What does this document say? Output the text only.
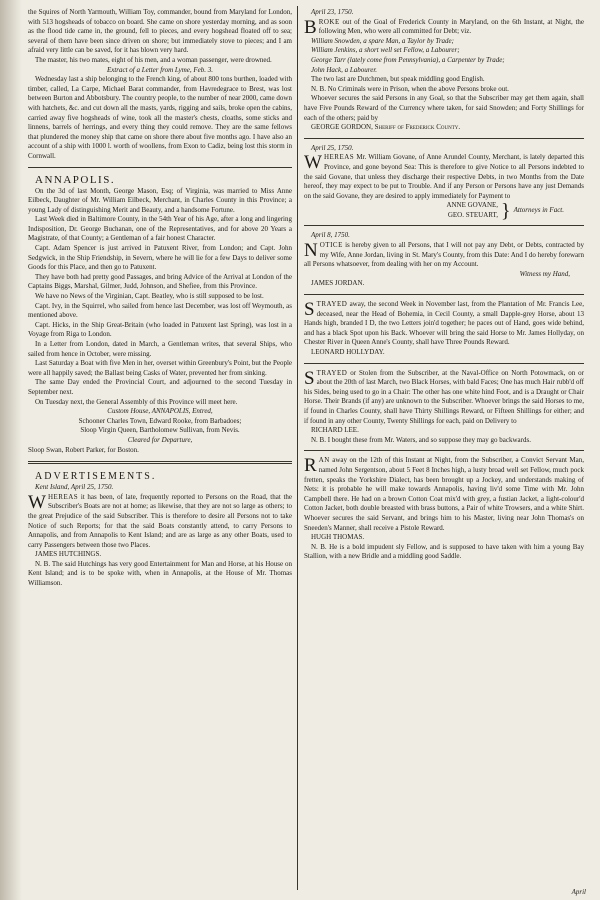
the Squires of North Yarmouth, William Toy, commander, bound from Maryland for London, with 513 hogsheads of tobacco on board. She came on shore yesterday morning, and as soon as the flood tide came in, the ground, fell to pieces, and every hogshead floated off to sea; several of them have been since driven on shore; but immediately stove to pieces; and I am afraid very little can be saved, for it has blown very hard.

The master, his two mates, eight of his men, and a woman passenger, were drowned.

Extract of a Letter from Lyme, Feb. 3.

Wednesday last a ship belonging to the French king, of about 800 tons burthen, loaded with timber, called, La Carpe, Michael Barat commander, from Havredegrace to Brest, was lost between Burton and Abbotsbury. The country people, to the number of near 2000, came down with hatchets, &c. and cut down all the masts, yards, rigging and sails, broke open the cabins, carried away five hogsheads of wine, took all the master's chests, cloaths, some sticks and linnens, barrels of herrings, and every thing they could remove. They are the same fellows that plundered the money ship that came on shore there about five months ago. I have also an account of a ship with 1000 l. worth of woollens, from Exon to Cadiz, being lost this storm in Cornwall.

ANNAPOLIS.

On the 3d of last Month, George Mason, Esq; of Virginia, was married to Miss Anne Eilbeck, Daughter of Mr. William Eilbeck, Merchant, in Charles County in this Province; a young Lady of distinguishing Merit and Beauty, and a handsome Fortune.

Last Week died in Baltimore County, in the 54th Year of his Age, after a long and lingering Indisposition, Dr. George Buchanan, one of the Representatives, and for above 20 Years a Magistrate, of that County; a Gentleman of a fair honest Character.

Capt. Adam Spencer is just arrived in Patuxent River, from London; and Capt. John Sedgwick, in the Ship Friendship, in Severn, where he will lie for a few Days to deliver some Goods for this Place, and then go to Patuxent.

They have both had pretty good Passages, and bring Advice of the Arrival at London of the Captains Biggs, Marshal, Gilmer, Judd, Johnson, and Shefiee, from this Province.

We have no News of the Virginian, Capt. Beatley, who is still supposed to be lost.

Capt. Ivy, in the Squirrel, who sailed from hence last December, was lost off Weymouth, as mentioned above.

Capt. Hicks, in the Ship Great-Britain (who loaded in Patuxent last Spring), was lost in a Voyage from Riga to London.

In a Letter from London, dated in March, a Gentleman writes, that several Ships, who sailed from hence in October, were missing.

Last Saturday a Boat with five Men in her, overset within Greenbury's Point, but the People were all happily saved; the Ballast being Casks of Water, prevented her from sinking.

The same Day ended the Provincial Court, and adjourned to the second Tuesday in September next.

On Tuesday next, the General Assembly of this Province will meet here.

Custom House, ANNAPOLIS, Entred,

Schooner Charles Town, Edward Rooke, from Barbadoes;

Sloop Virgin Queen, Bartholomew Sullivan, from Nevis.

Cleared for Departure,

Sloop Swan, Robert Parker, for Boston.

ADVERTISEMENTS.

Kent Island, April 25, 1750.

WHEREAS it has been, of late, frequently reported to Persons on the Road, that the Subscriber's Boats are not at home; as likewise, that they are not so large as others; to the great Prejudice of the said Subscriber. This is therefore to desire all Persons not to take Notice of such Reports; for that the said Boats constantly attend, to carry Persons to Annapolis, and from Annapolis to Kent Island; and are as large as any other Boats, used to carry Passengers between those two Places.

JAMES HUTCHINGS.

N. B. The said Hutchings has very good Entertainment for Man and Horse, at his House on Kent Island; and is to be spoke with, when in Annapolis, at the House of Mr. Thomas Williamson.

April 23, 1750.

BROKE out of the Goal of Frederick County in Maryland, on the 6th Instant, at Night, the following Men, who were all committed for Debt; viz.

William Snowden, a spare Man, a Taylor by Trade;

William Jenkins, a short well set Fellow, a Labourer;

George Tarr (lately come from Pennsylvania), a Carpenter by Trade;

John Hack, a Labourer.

The two last are Dutchmen, but speak middling good English.

N. B. No Criminals were in Prison, when the above Persons broke out.

Whoever secures the said Persons in any Goal, so that the Subscriber may get them again, shall have Five Pounds Reward of the Currency where taken, for said Snowden; and Forty Shillings for each of the others; paid by

GEORGE GORDON, Sheriff of Frederick County.

April 25, 1750.

WHEREAS Mr. William Govane, of Anne Arundel County, Merchant, is lately departed this Province, and gone beyond Sea: This is therefore to give Notice to all Persons indebted to the said Govane, that unless they discharge their respective Debts, in two Months from the Date hereof, they may expect to be put to Trouble. And if any Person or Persons have any just Demands on the said Govane, they are desired to apply immediately for Payment to

ANNE GOVANE,
GEO. STEUART, } Attorneys in Fact.

April 8, 1750.

NOTICE is hereby given to all Persons, that I will not pay any Debt, or Debts, contracted by my Wife, Anne Jordan, living in St. Mary's County, from this Date: And I do hereby forewarn all Persons whatsoever, from dealing with her on my Account.

Witness my Hand,

JAMES JORDAN.

STRAYED away, the second Week in November last, from the Plantation of Mr. Francis Lee, deceased, near the Head of Bohemia, in Cecil County, a small Dapple-grey Horse, about 13 Hands high, branded I D, the two Letters join'd together; he paces out of Hand, goes wide behind, and has a black Spot upon his Back. Whoever will bring the said Horse to Mr. James Hollyday, on Chester River in Queen Anne's County, shall have Three Pounds Reward.

LEONARD HOLLYDAY.

STRAYED or Stolen from the Subscriber, at the Naval-Office on North Potowmack, on or about the 20th of last March, two Black Horses, with bald Faces; One has much Hair rubb'd off his Sides, being used to go in a Chair: The other has one white hind Foot, and is a Draught or Chair Horse. Their Brands (if any) are unknown to the Subscriber. Whoever brings the said Horses to me, if found in Charles County, shall have Thirty Shillings Reward, or Fifteen Shillings for either; and if found in any other County, Twenty Shillings for each, paid on Delivery to

RICHARD LEE.

N. B. I bought these from Mr. Waters, and so suppose they may go backwards.

RAN away on the 12th of this Instant at Night, from the Subscriber, a Convict Servant Man, named John Sergentson, about 5 Feet 8 Inches high, a lusty broad well set Fellow, much pock fretten, speaks the Yorkshire Dialect, has been brought up a Jockey, and understands making of Nets: it is probable he will make towards Annapolis, having liv'd some Time with Mr. John Campbell there. He had on a brown Cotton Coat mix'd with grey, a fustian Jacket, a light-colour'd Cotton Jacket, both double breasted with brass buttons, a Pair of white Trowsers, and a white Shirt. Whoever secures the said Servant, and brings him to his Master, living near John Thomas's on Sneeden's Manner, shall receive a Pistole Reward.

HUGH THOMAS.

N. B. He is a bold impudent sly Fellow, and is supposed to have taken with him a young Bay Stallion, with a new Bridle and a middling good Saddle.

April
